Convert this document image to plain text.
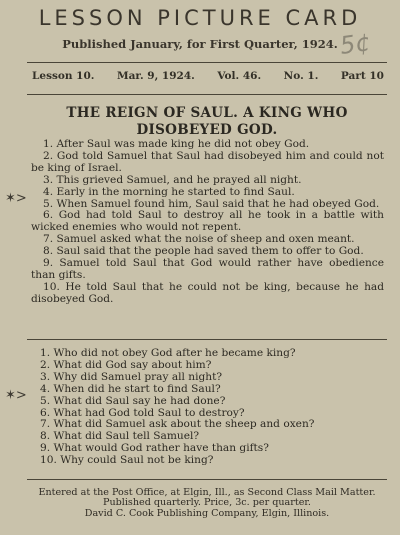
LESSON PICTURE CARD
Published January, for First Quarter, 1924. 5¢
Lesson 10. Mar. 9, 1924. Vol. 46. No. 1. Part 10
THE REIGN OF SAUL. A KING WHO
DISOBEYED GOD.

1. After Saul was made king he did not obey God.

2. God told Samuel that Saul had disobeyed him and could not be king of Israel.

3. This grieved Samuel, and he prayed all night.

4. Early in the morning he started to find Saul.

5. When Samuel found him, Saul said that he had obeyed God.

6. God had told Saul to destroy all he took in a battle with wicked enemies who would not repent.

7. Samuel asked what the noise of sheep and oxen meant.

8. Saul said that the people had saved them to offer to God.

9. Samuel told Saul that God would rather have obedience than gifts.

10. He told Saul that he could not be king, because he had disobeyed God.

1. Who did not obey God after he became king?

2. What did God say about him?

3. Why did Samuel pray all night?

4. When did he start to find Saul?

5. What did Saul say he had done?

6. What had God told Saul to destroy?

7. What did Samuel ask about the sheep and oxen?

8. What did Saul tell Samuel?

9. What would God rather have than gifts?

10. Why could Saul not be king?

✶>
✶>
Entered at the Post Office, at Elgin, Ill., as Second Class Mail Matter.
Published quarterly. Price, 3c. per quarter.
David C. Cook Publishing Company, Elgin, Illinois.
